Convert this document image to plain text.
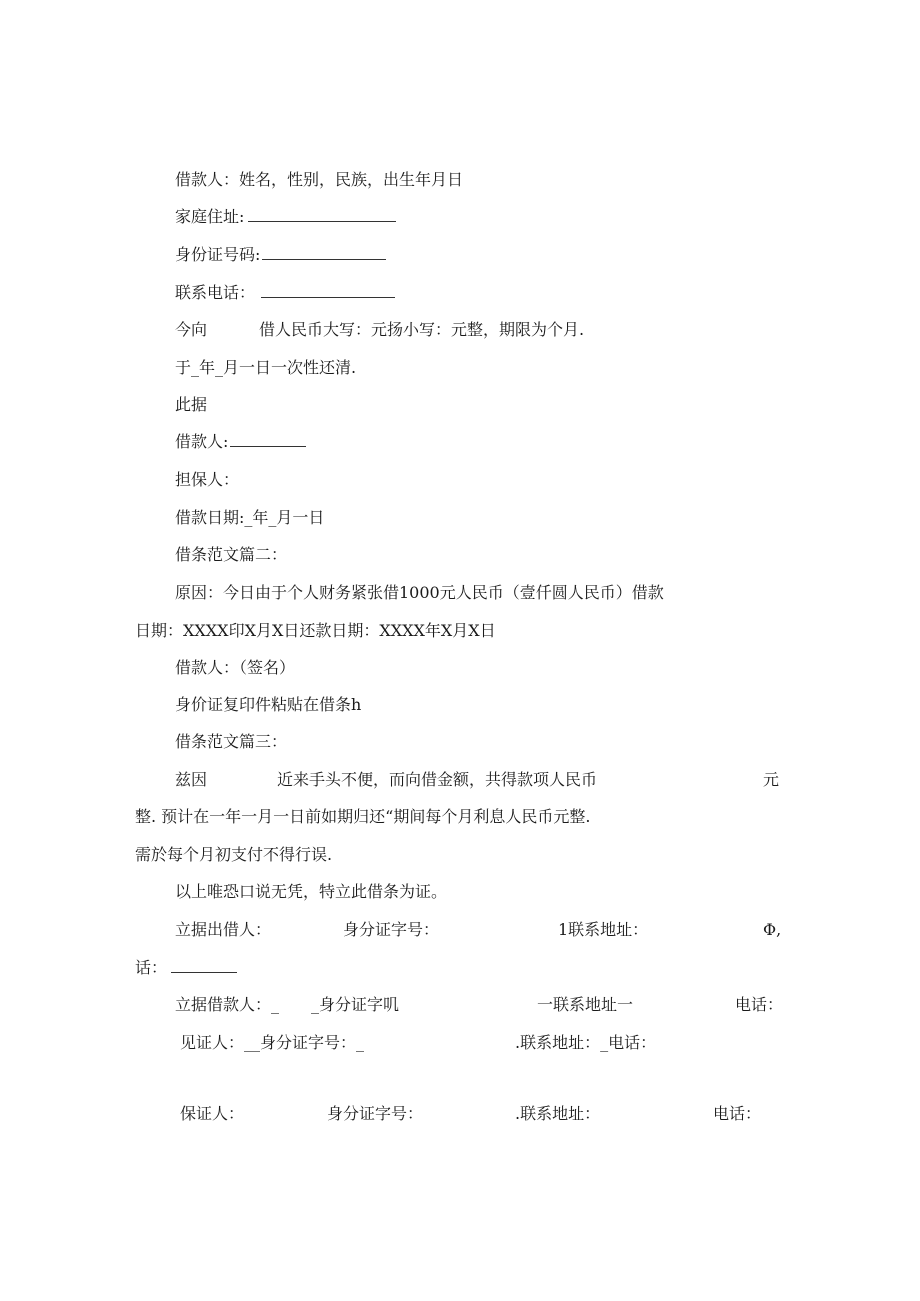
借款人：姓名，性别，民族，出生年月日
家庭住址:
身份证号码:
联系电话：
今向	借人民币大写：元扬小写：元整，期限为个月.
于_年_月一日一次性还清.
此据
借款人:
担保人：
借款日期:_年_月一日
借条范文篇二：
原因：今日由于个人财务紧张借1000元人民币（壹仟圆人民币）借款
日期：XXXX印X月X日还款日期：XXXX年X月X日
借款人：（签名）
身价证复印件粘贴在借条h
借条范文篇三：
兹因	近来手头不便，而向借金额，共得款项人民币	元
整. 预计在一年一月一日前如期归还“期间每个月利息人民币元整.
需於每个月初支付不得行误.
以上唯恐口说无凭，特立此借条为证。
立据出借人：	身分证字号：	1联系地址：	Φ,
话：
立据借款人：_ _身分证字叽	一联系地址一	电话：
见证人：__身分证字号：_	.联系地址：_电话：
保证人：	身分证字号：	.联系地址：	电话：
